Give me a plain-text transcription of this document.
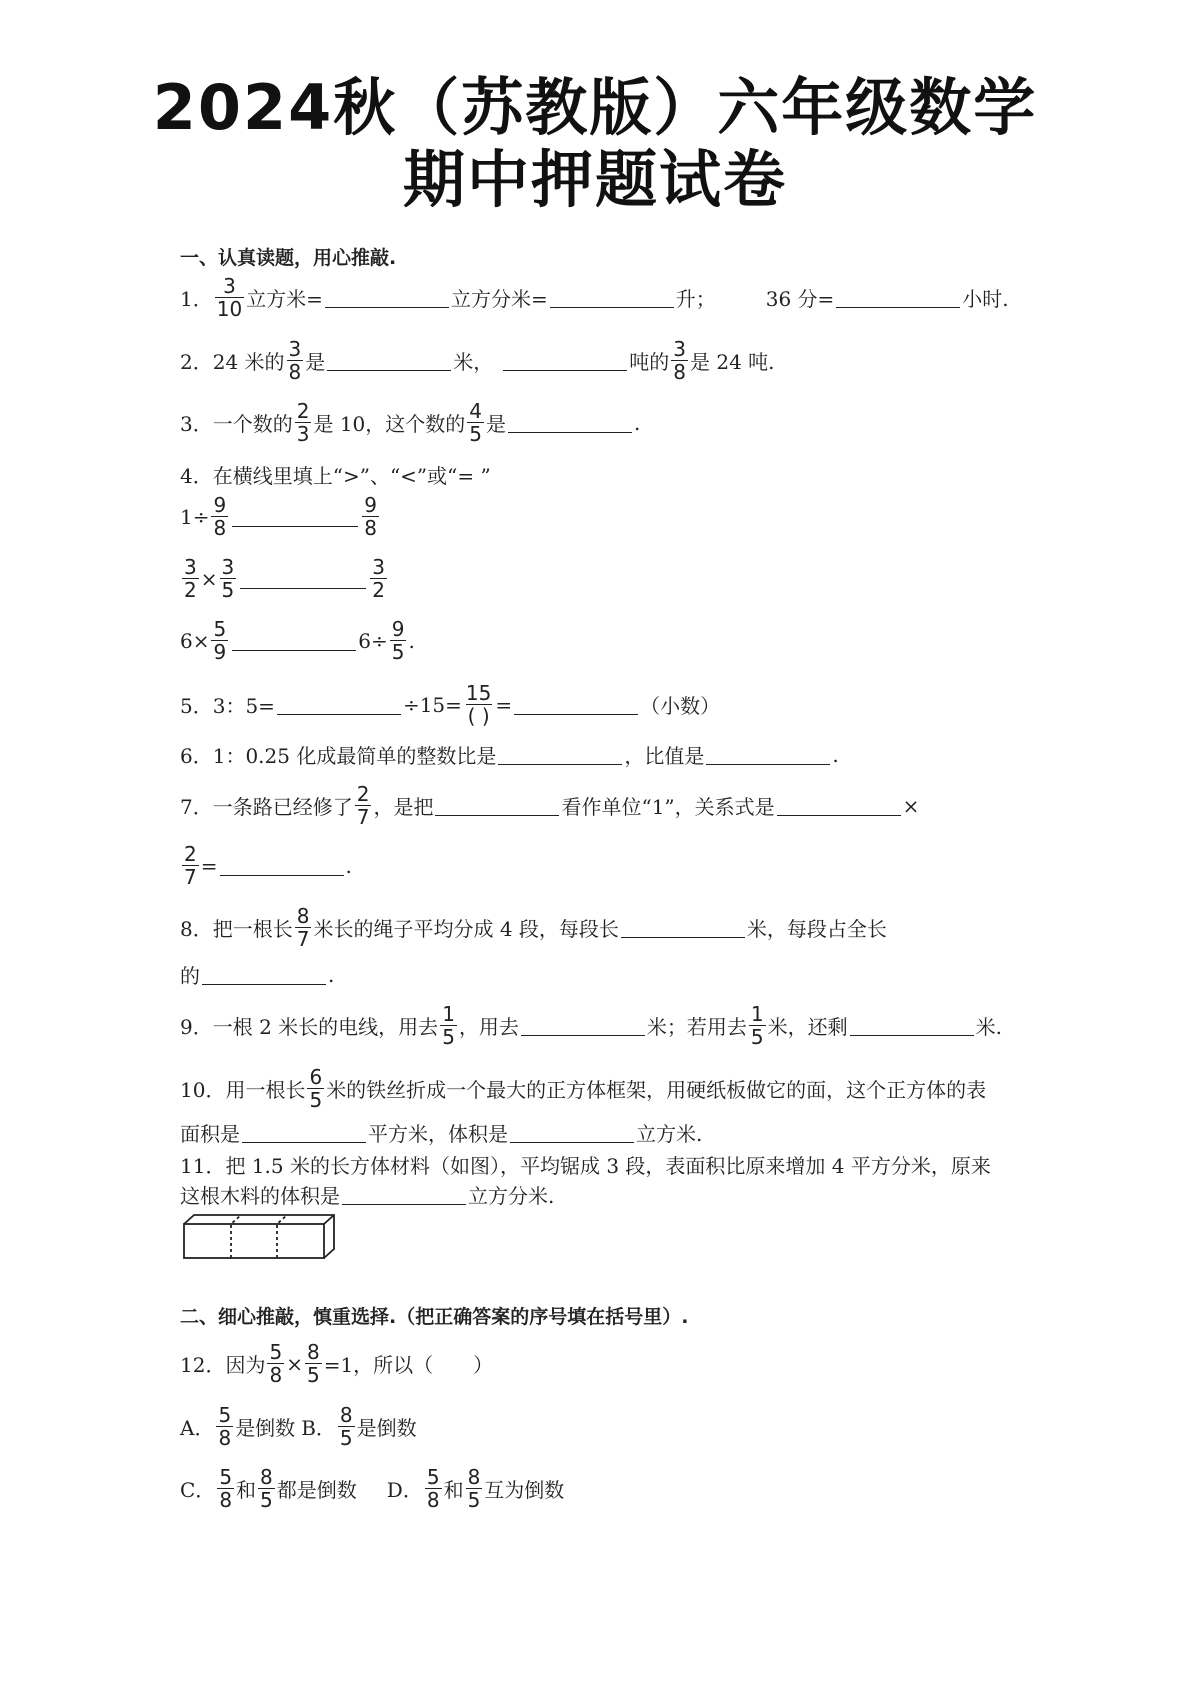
2024秋（苏教版）六年级数学
期中押题试卷
一、认真读题，用心推敲.
1． $\frac{3}{10}$ 立方米=	立方分米=	升；	36 分=	小时.
2． 24 米的 $\frac{3}{8}$ 是	米，	吨的 $\frac{3}{8}$ 是 24 吨.
3． 一个数的 $\frac{2}{3}$ 是 10，这个数的 $\frac{4}{5}$ 是	.
4． 在横线里填上“>”、“<”或“= ”
$1\div \frac{9}{8}$	$\frac{9}{8}$
$\frac{3}{2} \times \frac{3}{5}$	$\frac{3}{2}$
$6\times \frac{5}{9}$	$6\div \frac{9}{5}$ .
5． 3：5=	$\div 15= \frac{15}{( )}$ =	（小数）
6． 1：0.25 化成最简单的整数比是	，比值是	.
7． 一条路已经修了 $\frac{2}{7}$ ，是把	看作单位“1”，关系式是	×
$\frac{2}{7}$ =	.
8． 把一根长 $\frac{8}{7}$ 米长的绳子平均分成 4 段，每段长	米，每段占全长
的	.
9． 一根 2 米长的电线，用去 $\frac{1}{5}$ ，用去	米；若用去 $\frac{1}{5}$ 米，还剩	米.
10． 用一根长 $\frac{6}{5}$ 米的铁丝折成一个最大的正方体框架，用硬纸板做它的面，这个正方体的表
面积是	平方米，体积是	立方米.
11． 把 1.5 米的长方体材料（如图），平均锯成 3 段，表面积比原来增加 4 平方分米，原来
这根木料的体积是	立方分米.
二、细心推敲，慎重选择.（把正确答案的序号填在括号里）.
12． 因为 $\frac{5}{8} \times \frac{8}{5} =1$，所以（　　）
A． $\frac{5}{8}$ 是倒数 B． $\frac{8}{5}$ 是倒数
C． $\frac{5}{8}$ 和 $\frac{8}{5}$ 都是倒数 D． $\frac{5}{8}$ 和 $\frac{8}{5}$ 互为倒数
